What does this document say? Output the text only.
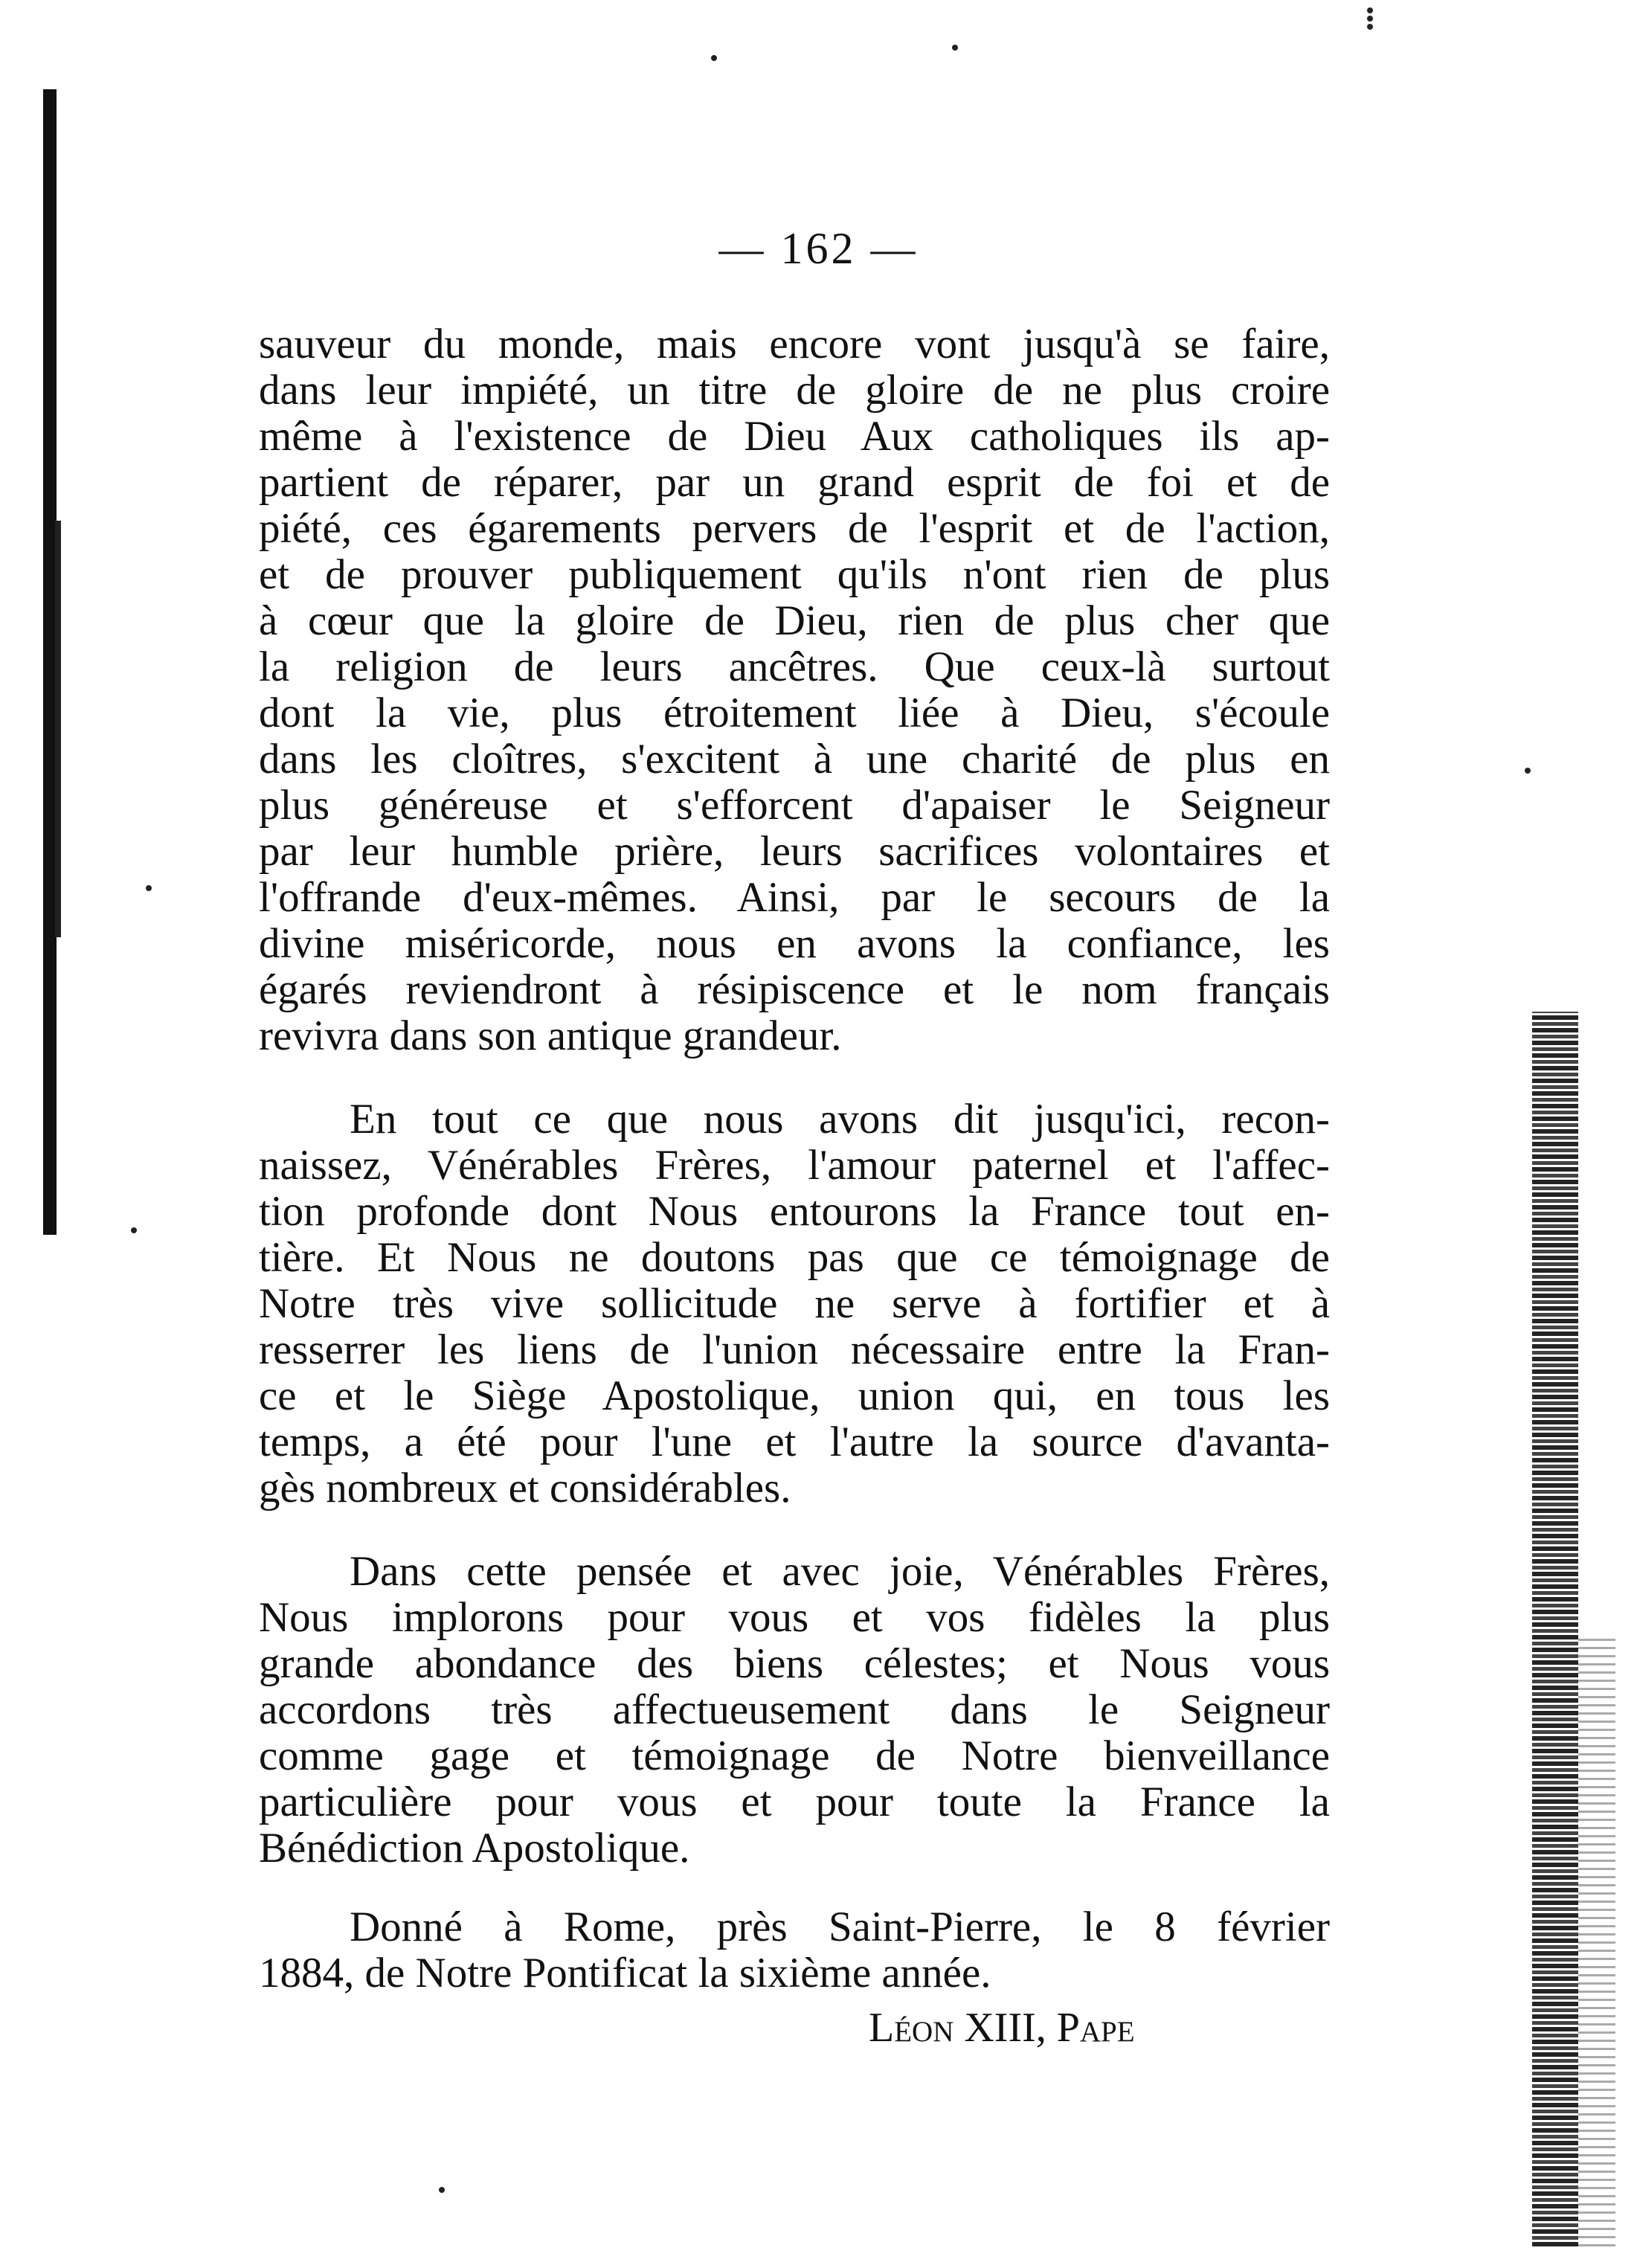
— 162 —
sauveur du monde, mais encore vont jusqu'à se faire,
dans leur impiété, un titre de gloire de ne plus croire
même à l'existence de Dieu Aux catholiques ils ap-
partient de réparer, par un grand esprit de foi et de
piété, ces égarements pervers de l'esprit et de l'action,
et de prouver publiquement qu'ils n'ont rien de plus
à cœur que la gloire de Dieu, rien de plus cher que
la religion de leurs ancêtres. Que ceux-là surtout
dont la vie, plus étroitement liée à Dieu, s'écoule
dans les cloîtres, s'excitent à une charité de plus en
plus généreuse et s'efforcent d'apaiser le Seigneur
par leur humble prière, leurs sacrifices volontaires et
l'offrande d'eux-mêmes. Ainsi, par le secours de la
divine miséricorde, nous en avons la confiance, les
égarés reviendront à résipiscence et le nom français
revivra dans son antique grandeur.
En tout ce que nous avons dit jusqu'ici, recon-
naissez, Vénérables Frères, l'amour paternel et l'affec-
tion profonde dont Nous entourons la France tout en-
tière. Et Nous ne doutons pas que ce témoignage de
Notre très vive sollicitude ne serve à fortifier et à
resserrer les liens de l'union nécessaire entre la Fran-
ce et le Siège Apostolique, union qui, en tous les
temps, a été pour l'une et l'autre la source d'avanta-
gès nombreux et considérables.
Dans cette pensée et avec joie, Vénérables Frères,
Nous implorons pour vous et vos fidèles la plus
grande abondance des biens célestes; et Nous vous
accordons très affectueusement dans le Seigneur
comme gage et témoignage de Notre bienveillance
particulière pour vous et pour toute la France la
Bénédiction Apostolique.
Donné à Rome, près Saint-Pierre, le 8 février
1884, de Notre Pontificat la sixième année.
Léon XIII, Pape
